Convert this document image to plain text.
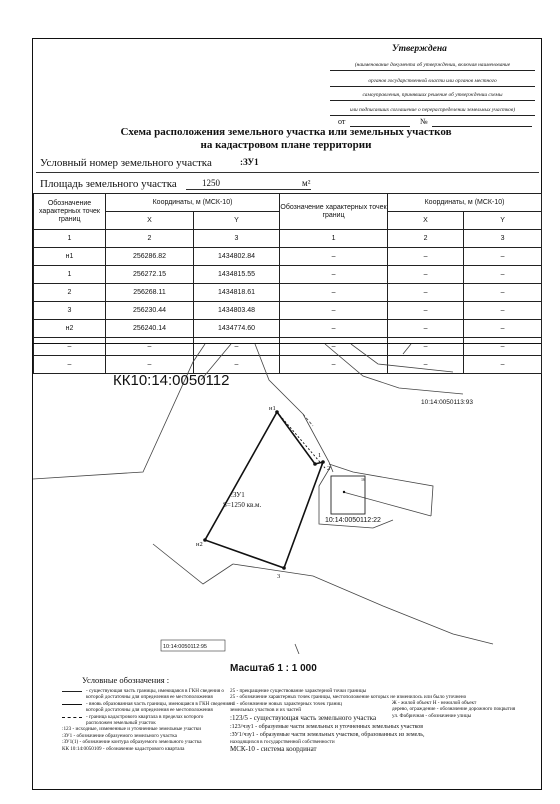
Утверждена
(наименование документа об утверждении, включая наименование
органов государственной власти или органов местного
самоуправления, принявших решение об утверждении схемы
или подписавших соглашение о перераспределении земельных участков)
от	№
Схема расположения земельного участка или земельных участков
на кадастровом плане территории
Условный номер земельного участка	:ЗУ1
Площадь земельного участка	1250	м²
Обозначение характерных точек границ	Координаты, м (МСК-10)		Обозначение характерных точек границ	Координаты, м (МСК-10)	
	X	Y		X	Y
1	2	3	1	2	3
н1	256286.82	1434802.84	–	–	–
1	256272.15	1434815.55	–	–	–
2	256268.11	1434818.61	–	–	–
3	256230.44	1434803.48	–	–	–
н2	256240.14	1434774.60	–	–	–
–	–	–	–	–	–
–	–	–	–	–	–
КК10:14:0050112
:ЗУ1
S=1250 кв.м.
10:14:0050113:93
10:14:0050112:22
10:14:0050112:95
н1
1
2
3
н2
16
Масштаб 1 : 1 000
Условные обозначения :
- существующая часть границы, имеющаяся в ГКН сведения о
которой достаточны для определения ее местоположения
- вновь образованная часть границы, имеющаяся в ГКН сведения о
которой достаточны для определения ее местоположения
- граница кадастрового квартала в пределах которого
расположен земельный участок
:123 - исходные, измененные и уточненные земельные участки
:ЗУ1 - обозначение образуемого земельного участка
:ЗУ1(1) - обозначение контура образуемого земельного участка
КК 10:14:0050109 - обозначение кадастрового квартала
25 - прекращение существование характерной точки границы
25 - обозначение характерных точек границы, местоположение которых не изменилось или было уточнено
н1 - обозначение новых характерных точек границ
земельных участков и их частей
:123/5 - существующая часть земельного участка
:123/чзу1 - образуемые части земельных и уточненных земельных участков
:ЗУ1/чзу1 - образуемые части земельных участков, образованных из земель,
находящихся в государственной собственности
МСК-10 - система координат
Ж - жилой объект Н - нежилой объект
дерево, ограждение - обозначение дорожного покрытия
ул. Фабричная - обозначение улицы
